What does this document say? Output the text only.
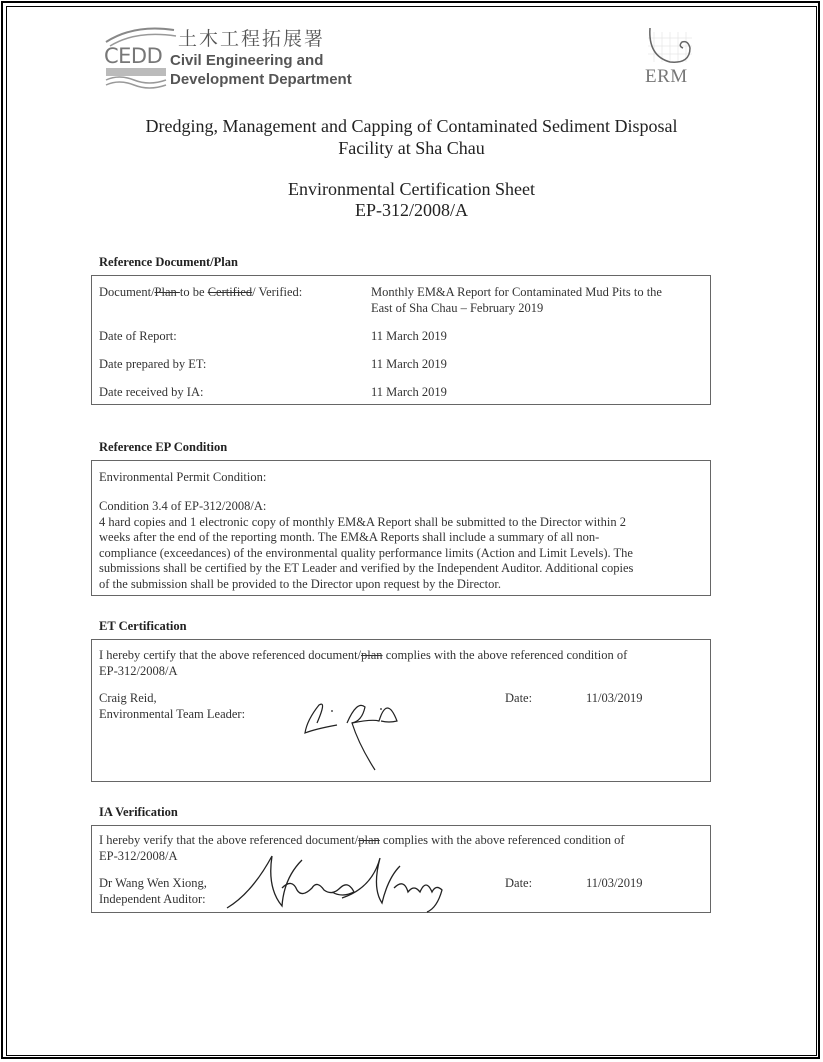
土木工程拓展署
CEDD Civil Engineering and
Development Department	ERM
Dredging, Management and Capping of Contaminated Sediment Disposal
Facility at Sha Chau
Environmental Certification Sheet
EP-312/2008/A
Reference Document/Plan
Document/Plan to be Certified/ Verified:	Monthly EM&A Report for Contaminated Mud Pits to the
East of Sha Chau – February 2019
Date of Report:	11 March 2019
Date prepared by ET:	11 March 2019
Date received by IA:	11 March 2019
Reference EP Condition
Environmental Permit Condition:
Condition 3.4 of EP-312/2008/A:
4 hard copies and 1 electronic copy of monthly EM&A Report shall be submitted to the Director within 2
weeks after the end of the reporting month. The EM&A Reports shall include a summary of all non-
compliance (exceedances) of the environmental quality performance limits (Action and Limit Levels). The
submissions shall be certified by the ET Leader and verified by the Independent Auditor. Additional copies
of the submission shall be provided to the Director upon request by the Director.
ET Certification
I hereby certify that the above referenced document/plan complies with the above referenced condition of
EP-312/2008/A
Craig Reid,
Environmental Team Leader:
Date:	11/03/2019
IA Verification
I hereby verify that the above referenced document/plan complies with the above referenced condition of
EP-312/2008/A
Dr Wang Wen Xiong,
Independent Auditor:
Date:	11/03/2019
